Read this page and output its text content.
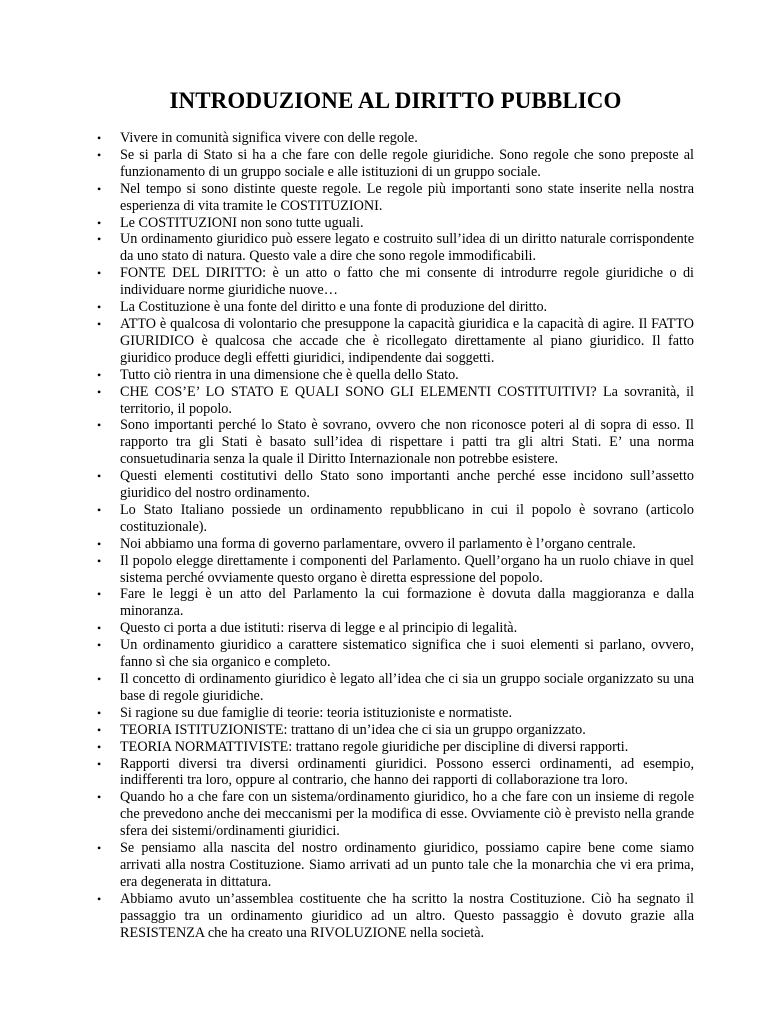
INTRODUZIONE AL DIRITTO PUBBLICO
• Vivere in comunità significa vivere con delle regole.
• Se si parla di Stato si ha a che fare con delle regole giuridiche. Sono regole che sono preposte al funzionamento di un gruppo sociale e alle istituzioni di un gruppo sociale.
• Nel tempo si sono distinte queste regole. Le regole più importanti sono state inserite nella nostra esperienza di vita tramite le COSTITUZIONI.
• Le COSTITUZIONI non sono tutte uguali.
• Un ordinamento giuridico può essere legato e costruito sull’idea di un diritto naturale corrispondente da uno stato di natura. Questo vale a dire che sono regole immodificabili.
• FONTE DEL DIRITTO: è un atto o fatto che mi consente di introdurre regole giuridiche o di individuare norme giuridiche nuove…
• La Costituzione è una fonte del diritto e una fonte di produzione del diritto.
• ATTO è qualcosa di volontario che presuppone la capacità giuridica e la capacità di agire. Il FATTO GIURIDICO è qualcosa che accade che è ricollegato direttamente al piano giuridico. Il fatto giuridico produce degli effetti giuridici, indipendente dai soggetti.
• Tutto ciò rientra in una dimensione che è quella dello Stato.
• CHE COS’E’ LO STATO E QUALI SONO GLI ELEMENTI COSTITUITIVI? La sovranità, il territorio, il popolo.
• Sono importanti perché lo Stato è sovrano, ovvero che non riconosce poteri al di sopra di esso. Il rapporto tra gli Stati è basato sull’idea di rispettare i patti tra gli altri Stati. E’ una norma consuetudinaria senza la quale il Diritto Internazionale non potrebbe esistere.
• Questi elementi costitutivi dello Stato sono importanti anche perché esse incidono sull’assetto giuridico del nostro ordinamento.
• Lo Stato Italiano possiede un ordinamento repubblicano in cui il popolo è sovrano (articolo costituzionale).
• Noi abbiamo una forma di governo parlamentare, ovvero il parlamento è l’organo centrale.
• Il popolo elegge direttamente i componenti del Parlamento. Quell’organo ha un ruolo chiave in quel sistema perché ovviamente questo organo è diretta espressione del popolo.
• Fare le leggi è un atto del Parlamento la cui formazione è dovuta dalla maggioranza e dalla minoranza.
• Questo ci porta a due istituti: riserva di legge e al principio di legalità.
• Un ordinamento giuridico a carattere sistematico significa che i suoi elementi si parlano, ovvero, fanno sì che sia organico e completo.
• Il concetto di ordinamento giuridico è legato all’idea che ci sia un gruppo sociale organizzato su una base di regole giuridiche.
• Si ragione su due famiglie di teorie: teoria istituzioniste e normatiste.
• TEORIA ISTITUZIONISTE: trattano di un’idea che ci sia un gruppo organizzato.
• TEORIA NORMATTIVISTE: trattano regole giuridiche per discipline di diversi rapporti.
• Rapporti diversi tra diversi ordinamenti giuridici. Possono esserci ordinamenti, ad esempio, indifferenti tra loro, oppure al contrario, che hanno dei rapporti di collaborazione tra loro.
• Quando ho a che fare con un sistema/ordinamento giuridico, ho a che fare con un insieme di regole che prevedono anche dei meccanismi per la modifica di esse. Ovviamente ciò è previsto nella grande sfera dei sistemi/ordinamenti giuridici.
• Se pensiamo alla nascita del nostro ordinamento giuridico, possiamo capire bene come siamo arrivati alla nostra Costituzione. Siamo arrivati ad un punto tale che la monarchia che vi era prima, era degenerata in dittatura.
• Abbiamo avuto un’assemblea costituente che ha scritto la nostra Costituzione. Ciò ha segnato il passaggio tra un ordinamento giuridico ad un altro. Questo passaggio è dovuto grazie alla RESISTENZA che ha creato una RIVOLUZIONE nella società.
